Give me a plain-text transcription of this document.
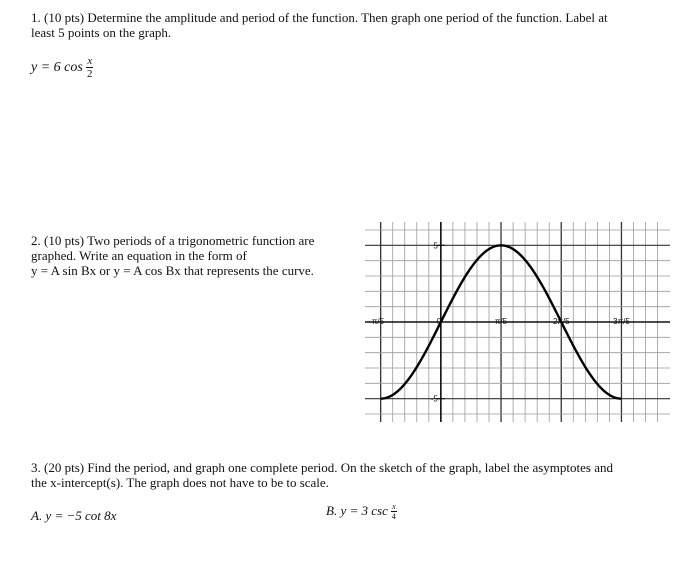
1. (10 pts) Determine the amplitude and period of the function. Then graph one period of the function. Label at
least 5 points on the graph.
y = 6 $\cos \frac{x}{2}$
2. (10 pts) Two periods of a trigonometric function are
graphed. Write an equation in the form of
y = A sin Bx or y = A cos Bx that represents the curve.
-π/5	0	π/5	2π/5	3π/5
5
-5
3. (20 pts) Find the period, and graph one complete period. On the sketch of the graph, label the asymptotes and
the x-intercept(s). The graph does not have to be to scale.
A. y = −5 cot 8x	B. y = 3 $\csc \frac{x}{4}$
